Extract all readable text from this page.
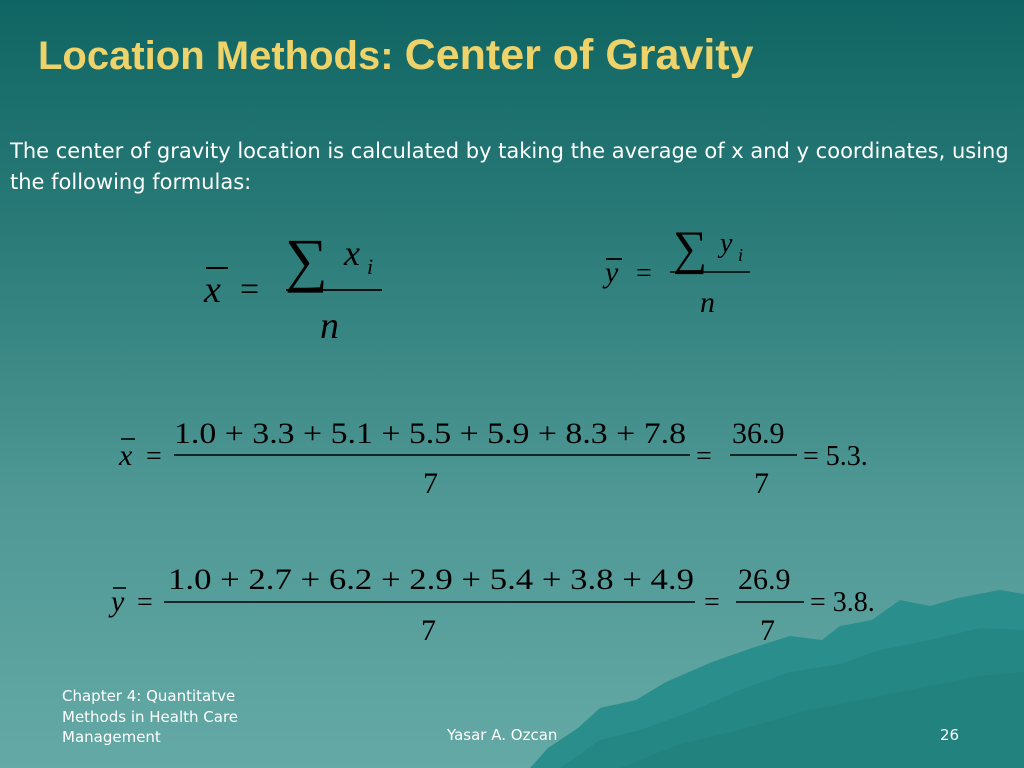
Location Methods: Center of Gravity
The center of gravity location is calculated by taking the average of x and y coordinates, using the following formulas:
x = ∑ x i
n
y = ∑ y i
n
x =
1.0 + 3.3 + 5.1 + 5.5 + 5.9 + 8.3 + 7.8
7
=
36.9
7
= 5.3.
y =
1.0 + 2.7 + 6.2 + 2.9 + 5.4 + 3.8 + 4.9
7
=
26.9
7
= 3.8.
Chapter 4: Quantitatve Methods in Health Care Management	Yasar A. Ozcan	26
